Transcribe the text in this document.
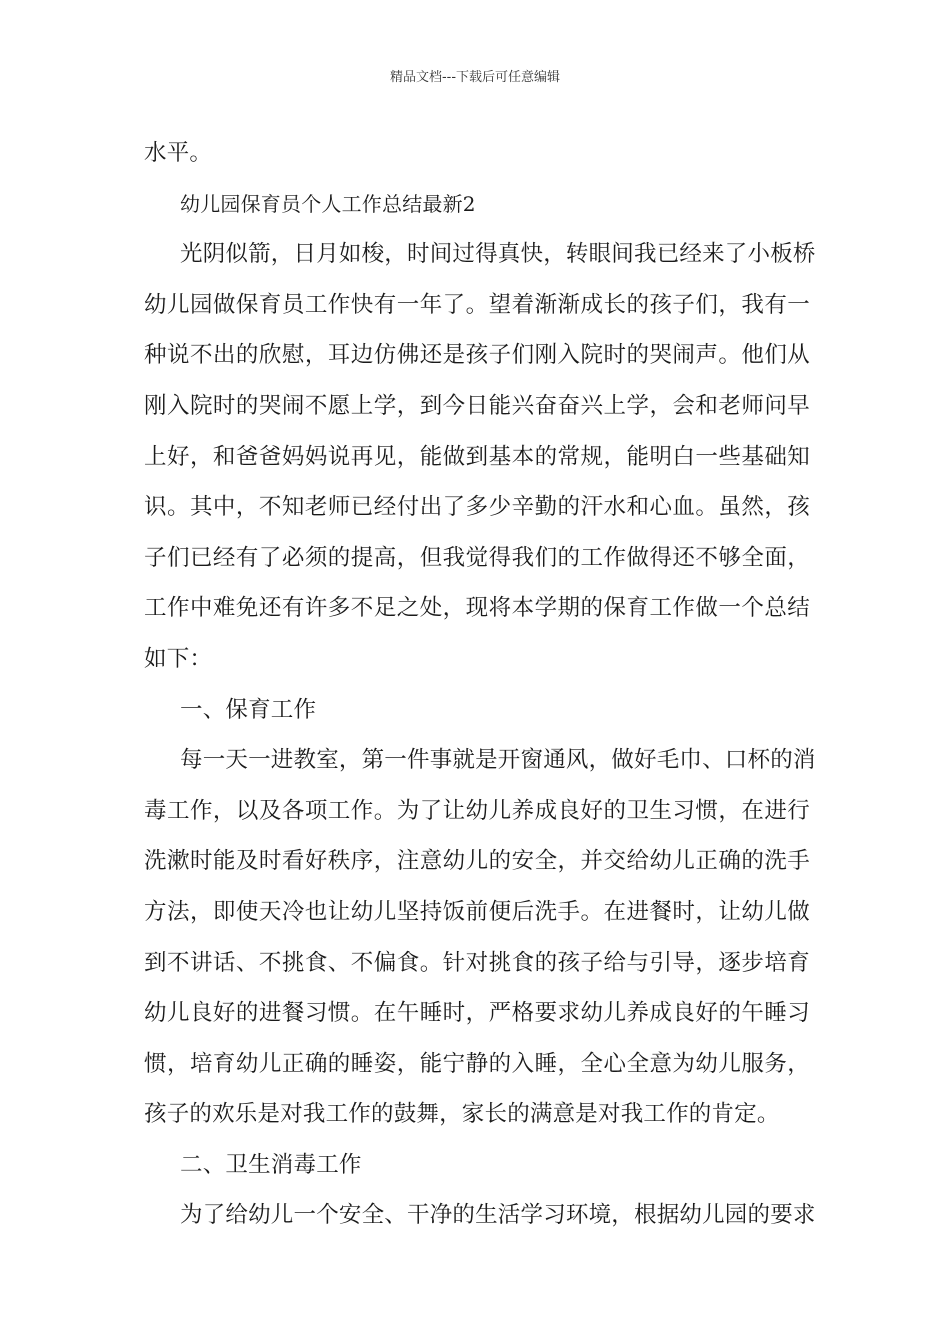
精品文档---下载后可任意编辑
水平。
幼儿园保育员个人工作总结最新2
光阴似箭，日月如梭，时间过得真快，转眼间我已经来了小板桥
幼儿园做保育员工作快有一年了。望着渐渐成长的孩子们，我有一
种说不出的欣慰，耳边仿佛还是孩子们刚入院时的哭闹声。他们从
刚入院时的哭闹不愿上学，到今日能兴奋奋兴上学，会和老师问早
上好，和爸爸妈妈说再见，能做到基本的常规，能明白一些基础知
识。其中，不知老师已经付出了多少辛勤的汗水和心血。虽然，孩
子们已经有了必须的提高，但我觉得我们的工作做得还不够全面，
工作中难免还有许多不足之处，现将本学期的保育工作做一个总结
如下：
一、保育工作
每一天一进教室，第一件事就是开窗通风，做好毛巾、口杯的消
毒工作，以及各项工作。为了让幼儿养成良好的卫生习惯，在进行
洗漱时能及时看好秩序，注意幼儿的安全，并交给幼儿正确的洗手
方法，即使天冷也让幼儿坚持饭前便后洗手。在进餐时，让幼儿做
到不讲话、不挑食、不偏食。针对挑食的孩子给与引导，逐步培育
幼儿良好的进餐习惯。在午睡时，严格要求幼儿养成良好的午睡习
惯，培育幼儿正确的睡姿，能宁静的入睡，全心全意为幼儿服务，
孩子的欢乐是对我工作的鼓舞，家长的满意是对我工作的肯定。
二、卫生消毒工作
为了给幼儿一个安全、干净的生活学习环境，根据幼儿园的要求
